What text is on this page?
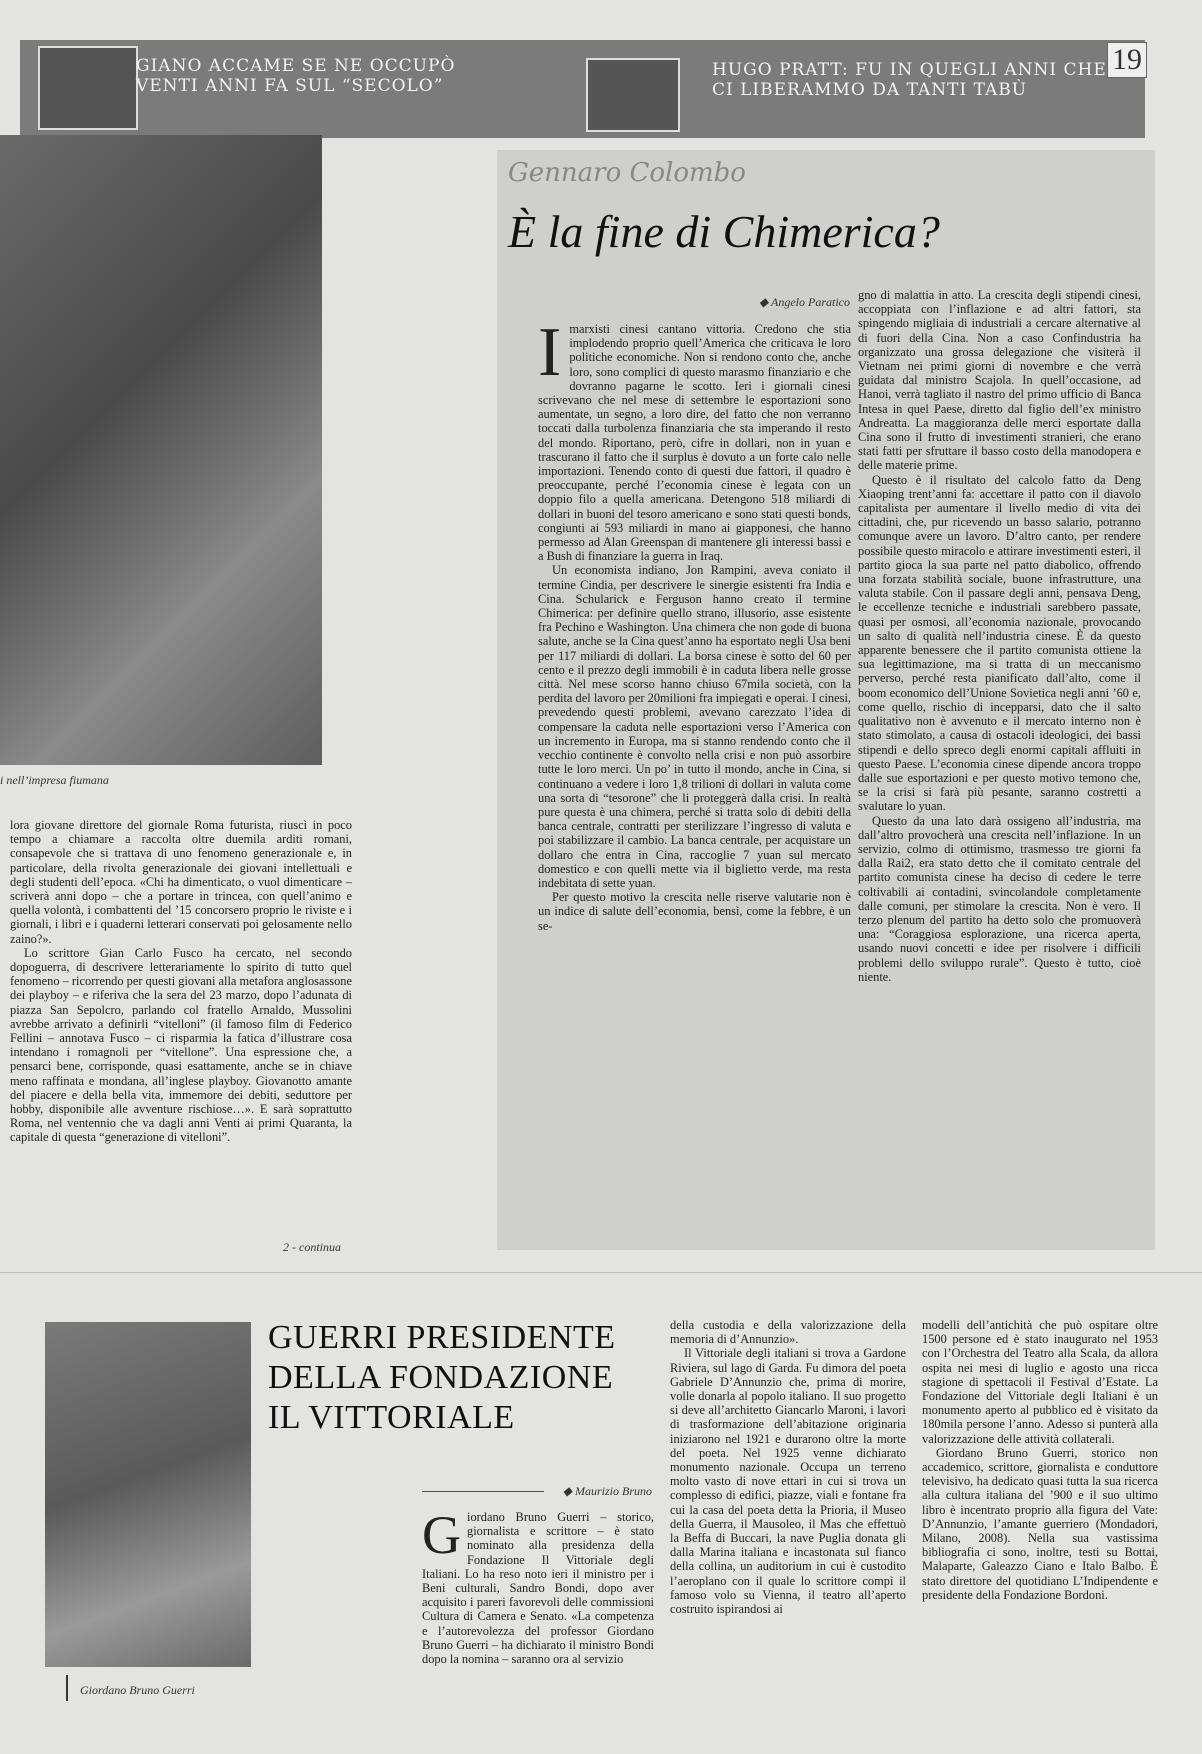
GIANO ACCAME SE NE OCCUPÒ VENTI ANNI FA SUL “SECOLO”
HUGO PRATT: FU IN QUEGLI ANNI CHE CI LIBERAMMO DA TANTI TABÙ
19
i nell’impresa fiumana

lora giovane direttore del giornale Roma futurista, riuscì in poco tempo a chiamare a raccolta oltre duemila arditi romani, consapevole che si trattava di uno fenomeno generazionale e, in particolare, della rivolta generazionale dei giovani intellettuali e degli studenti dell’epoca. «Chi ha dimenticato, o vuol dimenticare – scriverà anni dopo – che a portare in trincea, con quell’animo e quella volontà, i combattenti del ’15 concorsero proprio le riviste e i giornali, i libri e i quaderni letterari conservati poi gelosamente nello zaino?».

Lo scrittore Gian Carlo Fusco ha cercato, nel secondo dopoguerra, di descrivere letterariamente lo spirito di tutto quel fenomeno – ricorrendo per questi giovani alla metafora anglosassone dei playboy – e riferiva che la sera del 23 marzo, dopo l’adunata di piazza San Sepolcro, parlando col fratello Arnaldo, Mussolini avrebbe arrivato a definirli “vitelloni” (il famoso film di Federico Fellini – annotava Fusco – ci risparmia la fatica d’illustrare cosa intendano i romagnoli per “vitellone”. Una espressione che, a pensarci bene, corrisponde, quasi esattamente, anche se in chiave meno raffinata e mondana, all’inglese playboy. Giovanotto amante del piacere e della bella vita, immemore dei debiti, seduttore per hobby, disponibile alle avventure rischiose…». E sarà soprattutto Roma, nel ventennio che va dagli anni Venti ai primi Quaranta, la capitale di questa “generazione di vitelloni”.

2 - continua
Gennaro Colombo
È la fine di Chimerica?
◆ Angelo Paratico

Imarxisti cinesi cantano vittoria. Credono che stia implodendo proprio quell’America che criticava le loro politiche economiche. Non si rendono conto che, anche loro, sono complici di questo marasmo finanziario e che dovranno pagarne le scotto. Ieri i giornali cinesi scrivevano che nel mese di settembre le esportazioni sono aumentate, un segno, a loro dire, del fatto che non verranno toccati dalla turbolenza finanziaria che sta imperando il resto del mondo. Riportano, però, cifre in dollari, non in yuan e trascurano il fatto che il surplus è dovuto a un forte calo nelle importazioni. Tenendo conto di questi due fattori, il quadro è preoccupante, perché l’economia cinese è legata con un doppio filo a quella americana. Detengono 518 miliardi di dollari in buoni del tesoro americano e sono stati questi bonds, congiunti ai 593 miliardi in mano ai giapponesi, che hanno permesso ad Alan Greenspan di mantenere gli interessi bassi e a Bush di finanziare la guerra in Iraq.

Un economista indiano, Jon Rampini, aveva coniato il termine Cindia, per descrivere le sinergie esistenti fra India e Cina. Schularick e Ferguson hanno creato il termine Chimerica: per definire quello strano, illusorio, asse esistente fra Pechino e Washington. Una chimera che non gode di buona salute, anche se la Cina quest’anno ha esportato negli Usa beni per 117 miliardi di dollari. La borsa cinese è sotto del 60 per cento e il prezzo degli immobili è in caduta libera nelle grosse città. Nel mese scorso hanno chiuso 67mila società, con la perdita del lavoro per 20milioni fra impiegati e operai. I cinesi, prevedendo questi problemi, avevano carezzato l’idea di compensare la caduta nelle esportazioni verso l’America con un incremento in Europa, ma si stanno rendendo conto che il vecchio continente è convolto nella crisi e non può assorbire tutte le loro merci. Un po’ in tutto il mondo, anche in Cina, si continuano a vedere i loro 1,8 trilioni di dollari in valuta come una sorta di “tesorone” che li proteggerà dalla crisi. In realtà pure questa è una chimera, perché si tratta solo di debiti della banca centrale, contratti per sterilizzare l’ingresso di valuta e poi stabilizzare il cambio. La banca centrale, per acquistare un dollaro che entra in Cina, raccoglie 7 yuan sul mercato domestico e con quelli mette via il biglietto verde, ma resta indebitata di sette yuan.

Per questo motivo la crescita nelle riserve valutarie non è un indice di salute dell’economia, bensì, come la febbre, è un se-

gno di malattia in atto. La crescita degli stipendi cinesi, accoppiata con l’inflazione e ad altri fattori, sta spingendo migliaia di industriali a cercare alternative al di fuori della Cina. Non a caso Confindustria ha organizzato una grossa delegazione che visiterà il Vietnam nei primi giorni di novembre e che verrà guidata dal ministro Scajola. In quell’occasione, ad Hanoi, verrà tagliato il nastro del primo ufficio di Banca Intesa in quel Paese, diretto dal figlio dell’ex ministro Andreatta. La maggioranza delle merci esportate dalla Cina sono il frutto di investimenti stranieri, che erano stati fatti per sfruttare il basso costo della manodopera e delle materie prime.

Questo è il risultato del calcolo fatto da Deng Xiaoping trent’anni fa: accettare il patto con il diavolo capitalista per aumentare il livello medio di vita dei cittadini, che, pur ricevendo un basso salario, potranno comunque avere un lavoro. D’altro canto, per rendere possibile questo miracolo e attirare investimenti esteri, il partito gioca la sua parte nel patto diabolico, offrendo una forzata stabilità sociale, buone infrastrutture, una valuta stabile. Con il passare degli anni, pensava Deng, le eccellenze tecniche e industriali sarebbero passate, quasi per osmosi, all’economia nazionale, provocando un salto di qualità nell’industria cinese. È da questo apparente benessere che il partito comunista ottiene la sua legittimazione, ma si tratta di un meccanismo perverso, perché resta pianificato dall’alto, come il boom economico dell’Unione Sovietica negli anni ’60 e, come quello, rischio di incepparsi, dato che il salto qualitativo non è avvenuto e il mercato interno non è stato stimolato, a causa di ostacoli ideologici, dei bassi stipendi e dello spreco degli enormi capitali affluiti in questo Paese. L’economia cinese dipende ancora troppo dalle sue esportazioni e per questo motivo temono che, se la crisi si farà più pesante, saranno costretti a svalutare lo yuan.

Questo da una lato darà ossigeno all’industria, ma dall’altro provocherà una crescita nell’inflazione. In un servizio, colmo di ottimismo, trasmesso tre giorni fa dalla Rai2, era stato detto che il comitato centrale del partito comunista cinese ha deciso di cedere le terre coltivabili ai contadini, svincolandole completamente dalle comuni, per stimolare la crescita. Non è vero. Il terzo plenum del partito ha detto solo che promuoverà una: “Coraggiosa esplorazione, una ricerca aperta, usando nuovi concetti e idee per risolvere i difficili problemi dello sviluppo rurale”. Questo è tutto, cioè niente.

Giordano Bruno Guerri
GUERRI PRESIDENTE
DELLA FONDAZIONE
IL VITTORIALE
◆ Maurizio Bruno

Giordano Bruno Guerri – storico, giornalista e scrittore – è stato nominato alla presidenza della Fondazione Il Vittoriale degli Italiani. Lo ha reso noto ieri il ministro per i Beni culturali, Sandro Bondi, dopo aver acquisito i pareri favorevoli delle commissioni Cultura di Camera e Senato. «La competenza e l’autorevolezza del professor Giordano Bruno Guerri – ha dichiarato il ministro Bondi dopo la nomina – saranno ora al servizio

della custodia e della valorizzazione della memoria di d’Annunzio».

Il Vittoriale degli italiani si trova a Gardone Riviera, sul lago di Garda. Fu dimora del poeta Gabriele D’Annunzio che, prima di morire, volle donarla al popolo italiano. Il suo progetto si deve all’architetto Giancarlo Maroni, i lavori di trasformazione dell’abitazione originaria iniziarono nel 1921 e durarono oltre la morte del poeta. Nel 1925 venne dichiarato monumento nazionale. Occupa un terreno molto vasto di nove ettari in cui si trova un complesso di edifici, piazze, viali e fontane fra cui la casa del poeta detta la Prioria, il Museo della Guerra, il Mausoleo, il Mas che effettuò la Beffa di Buccari, la nave Puglia donata gli dalla Marina italiana e incastonata sul fianco della collina, un auditorium in cui è custodito l’aeroplano con il quale lo scrittore compì il famoso volo su Vienna, il teatro all’aperto costruito ispirandosi ai

modelli dell’antichità che può ospitare oltre 1500 persone ed è stato inaugurato nel 1953 con l’Orchestra del Teatro alla Scala, da allora ospita nei mesi di luglio e agosto una ricca stagione di spettacoli il Festival d’Estate. La Fondazione del Vittoriale degli Italiani è un monumento aperto al pubblico ed è visitato da 180mila persone l’anno. Adesso si punterà alla valorizzazione delle attività collaterali.

Giordano Bruno Guerri, storico non accademico, scrittore, giornalista e conduttore televisivo, ha dedicato quasi tutta la sua ricerca alla cultura italiana del ’900 e il suo ultimo libro è incentrato proprio alla figura del Vate: D’Annunzio, l’amante guerriero (Mondadori, Milano, 2008). Nella sua vastissima bibliografia ci sono, inoltre, testi su Bottai, Malaparte, Galeazzo Ciano e Italo Balbo. È stato direttore del quotidiano L’Indipendente e presidente della Fondazione Bordoni.
